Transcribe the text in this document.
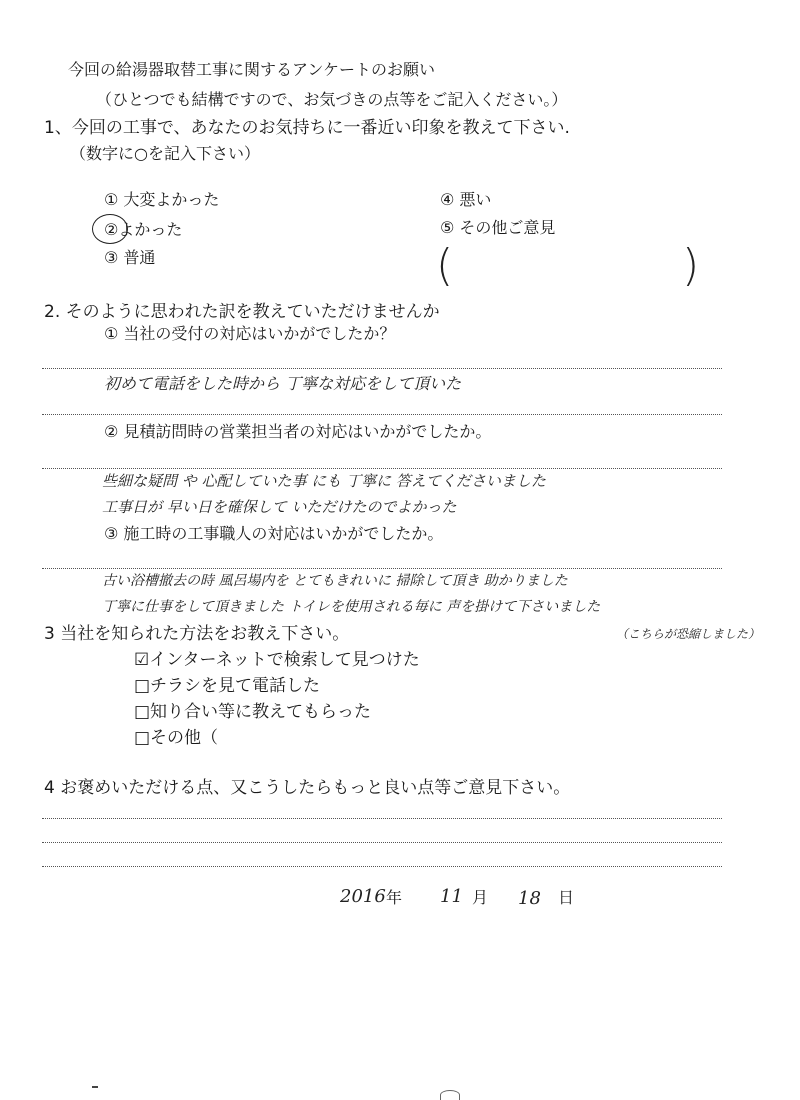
今回の給湯器取替工事に関するアンケートのお願い
（ひとつでも結構ですので、お気づきの点等をご記入ください。）
1、今回の工事で、あなたのお気持ちに一番近い印象を教えて下さい.
（数字に○を記入下さい）
① 大変よかった
②よかった
③ 普通
④ 悪い
⑤ その他ご意見
(	)
2. そのように思われた訳を教えていただけませんか
① 当社の受付の対応はいかがでしたか？
初めて電話をした時から 丁寧な対応をして頂いた
② 見積訪問時の営業担当者の対応はいかがでしたか。
些細な疑問 や 心配していた事 にも 丁寧に 答えてくださいました
工事日が 早い日を確保して いただけたのでよかった
③ 施工時の工事職人の対応はいかがでしたか。
古い浴槽撤去の時 風呂場内を とてもきれいに 掃除して頂き 助かりました
丁寧に仕事をして頂きました トイレを使用される毎に 声を掛けて下さいました
（こちらが恐縮しました）
3 当社を知られた方法をお教え下さい。
☑インターネットで検索して見つけた
□チラシを見て電話した
□知り合い等に教えてもらった
□その他（
4 お褒めいただける点、又こうしたらもっと良い点等ご意見下さい。
2016 年 11 月 18 日
